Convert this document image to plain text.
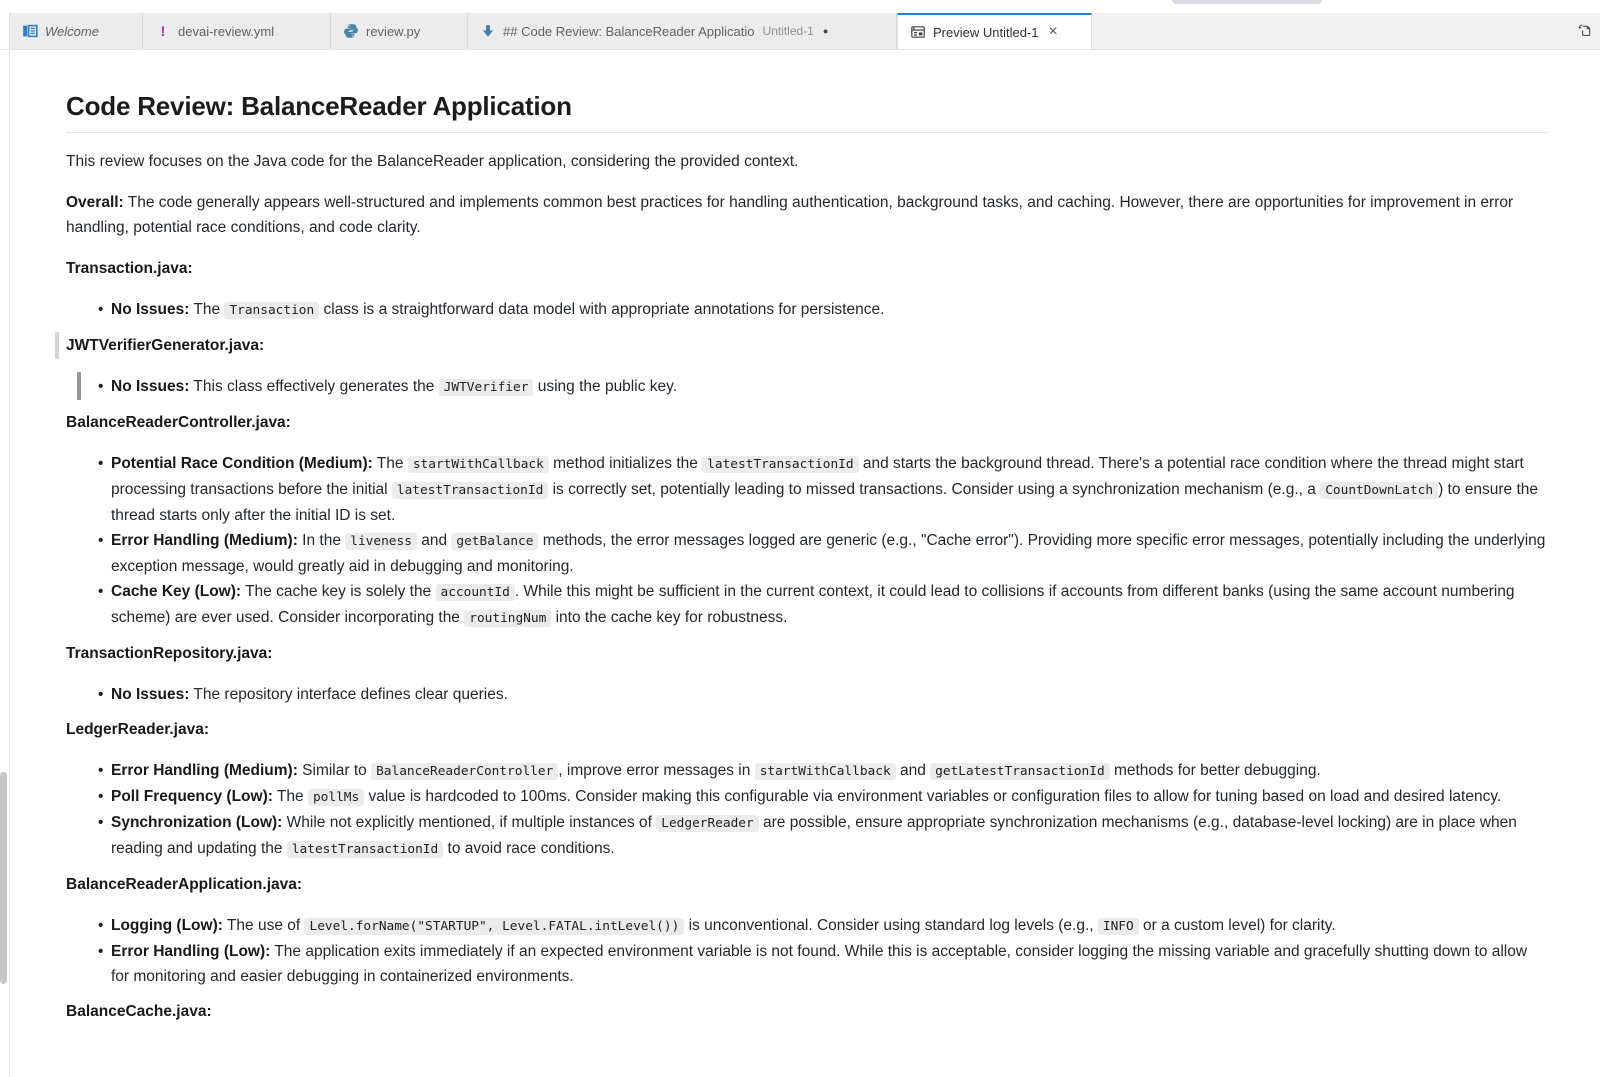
Welcome	! devai-review.yml	review.py	## Code Review: BalanceReader Applicatio Untitled-1 ●	Preview Untitled-1 ×
Code Review: BalanceReader Application

This review focuses on the Java code for the BalanceReader application, considering the provided context.

Overall: The code generally appears well-structured and implements common best practices for handling authentication, background tasks, and caching. However, there are opportunities for improvement in error handling, potential race conditions, and code clarity.

Transaction.java:

• No Issues: The Transaction class is a straightforward data model with appropriate annotations for persistence.

JWTVerifierGenerator.java:

• No Issues: This class effectively generates the JWTVerifier using the public key.

BalanceReaderController.java:

• Potential Race Condition (Medium): The startWithCallback method initializes the latestTransactionId and starts the background thread. There's a potential race condition where the thread might start processing transactions before the initial latestTransactionId is correctly set, potentially leading to missed transactions. Consider using a synchronization mechanism (e.g., a CountDownLatch ) to ensure the thread starts only after the initial ID is set.
• Error Handling (Medium): In the liveness and getBalance methods, the error messages logged are generic (e.g., "Cache error"). Providing more specific error messages, potentially including the underlying exception message, would greatly aid in debugging and monitoring.
• Cache Key (Low): The cache key is solely the accountId . While this might be sufficient in the current context, it could lead to collisions if accounts from different banks (using the same account numbering scheme) are ever used. Consider incorporating the routingNum into the cache key for robustness.

TransactionRepository.java:

• No Issues: The repository interface defines clear queries.

LedgerReader.java:

• Error Handling (Medium): Similar to BalanceReaderController , improve error messages in startWithCallback and getLatestTransactionId methods for better debugging.
• Poll Frequency (Low): The pollMs value is hardcoded to 100ms. Consider making this configurable via environment variables or configuration files to allow for tuning based on load and desired latency.
• Synchronization (Low): While not explicitly mentioned, if multiple instances of LedgerReader are possible, ensure appropriate synchronization mechanisms (e.g., database-level locking) are in place when reading and updating the latestTransactionId to avoid race conditions.

BalanceReaderApplication.java:

• Logging (Low): The use of Level.forName("STARTUP", Level.FATAL.intLevel()) is unconventional. Consider using standard log levels (e.g., INFO or a custom level) for clarity.
• Error Handling (Low): The application exits immediately if an expected environment variable is not found. While this is acceptable, consider logging the missing variable and gracefully shutting down to allow for monitoring and easier debugging in containerized environments.

BalanceCache.java:
